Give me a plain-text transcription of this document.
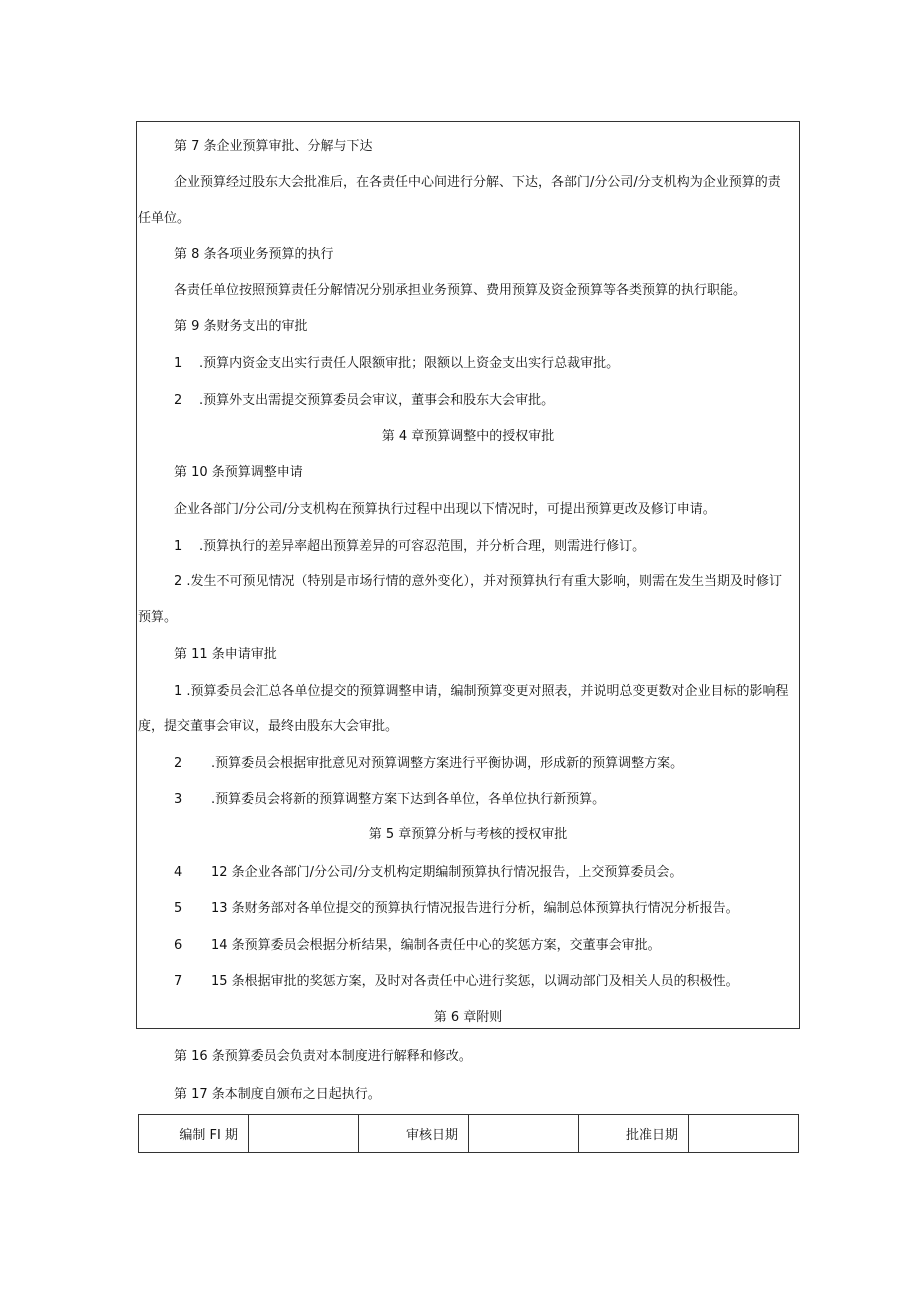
第 7 条企业预算审批、分解与下达
企业预算经过股东大会批准后，在各责任中心间进行分解、下达，各部门/分公司/分支机构为企业预算的责
任单位。
第 8 条各项业务预算的执行
各责任单位按照预算责任分解情况分别承担业务预算、费用预算及资金预算等各类预算的执行职能。
第 9 条财务支出的审批
1	.预算内资金支出实行责任人限额审批；限额以上资金支出实行总裁审批。
2	.预算外支出需提交预算委员会审议，董事会和股东大会审批。
第 4 章预算调整中的授权审批
第 10 条预算调整申请
企业各部门/分公司/分支机构在预算执行过程中出现以下情况时，可提出预算更改及修订申请。
1	.预算执行的差异率超出预算差异的可容忍范围，并分析合理，则需进行修订。
2 .发生不可预见情况（特别是市场行情的意外变化），并对预算执行有重大影响，则需在发生当期及时修订
预算。
第 11 条申请审批
1 .预算委员会汇总各单位提交的预算调整申请，编制预算变更对照表，并说明总变更数对企业目标的影响程
度，提交董事会审议，最终由股东大会审批。
2 .预算委员会根据审批意见对预算调整方案进行平衡协调，形成新的预算调整方案。
3 .预算委员会将新的预算调整方案下达到各单位，各单位执行新预算。
第 5 章预算分析与考核的授权审批
4 12 条企业各部门/分公司/分支机构定期编制预算执行情况报告，上交预算委员会。
5 13 条财务部对各单位提交的预算执行情况报告进行分析，编制总体预算执行情况分析报告。
6 14 条预算委员会根据分析结果，编制各责任中心的奖惩方案，交董事会审批。
7 15 条根据审批的奖惩方案，及时对各责任中心进行奖惩，以调动部门及相关人员的积极性。
第 6 章附则
第 16 条预算委员会负责对本制度进行解释和修改。
第 17 条本制度自颁布之日起执行。
编制 FI 期		审核日期		批准日期	
